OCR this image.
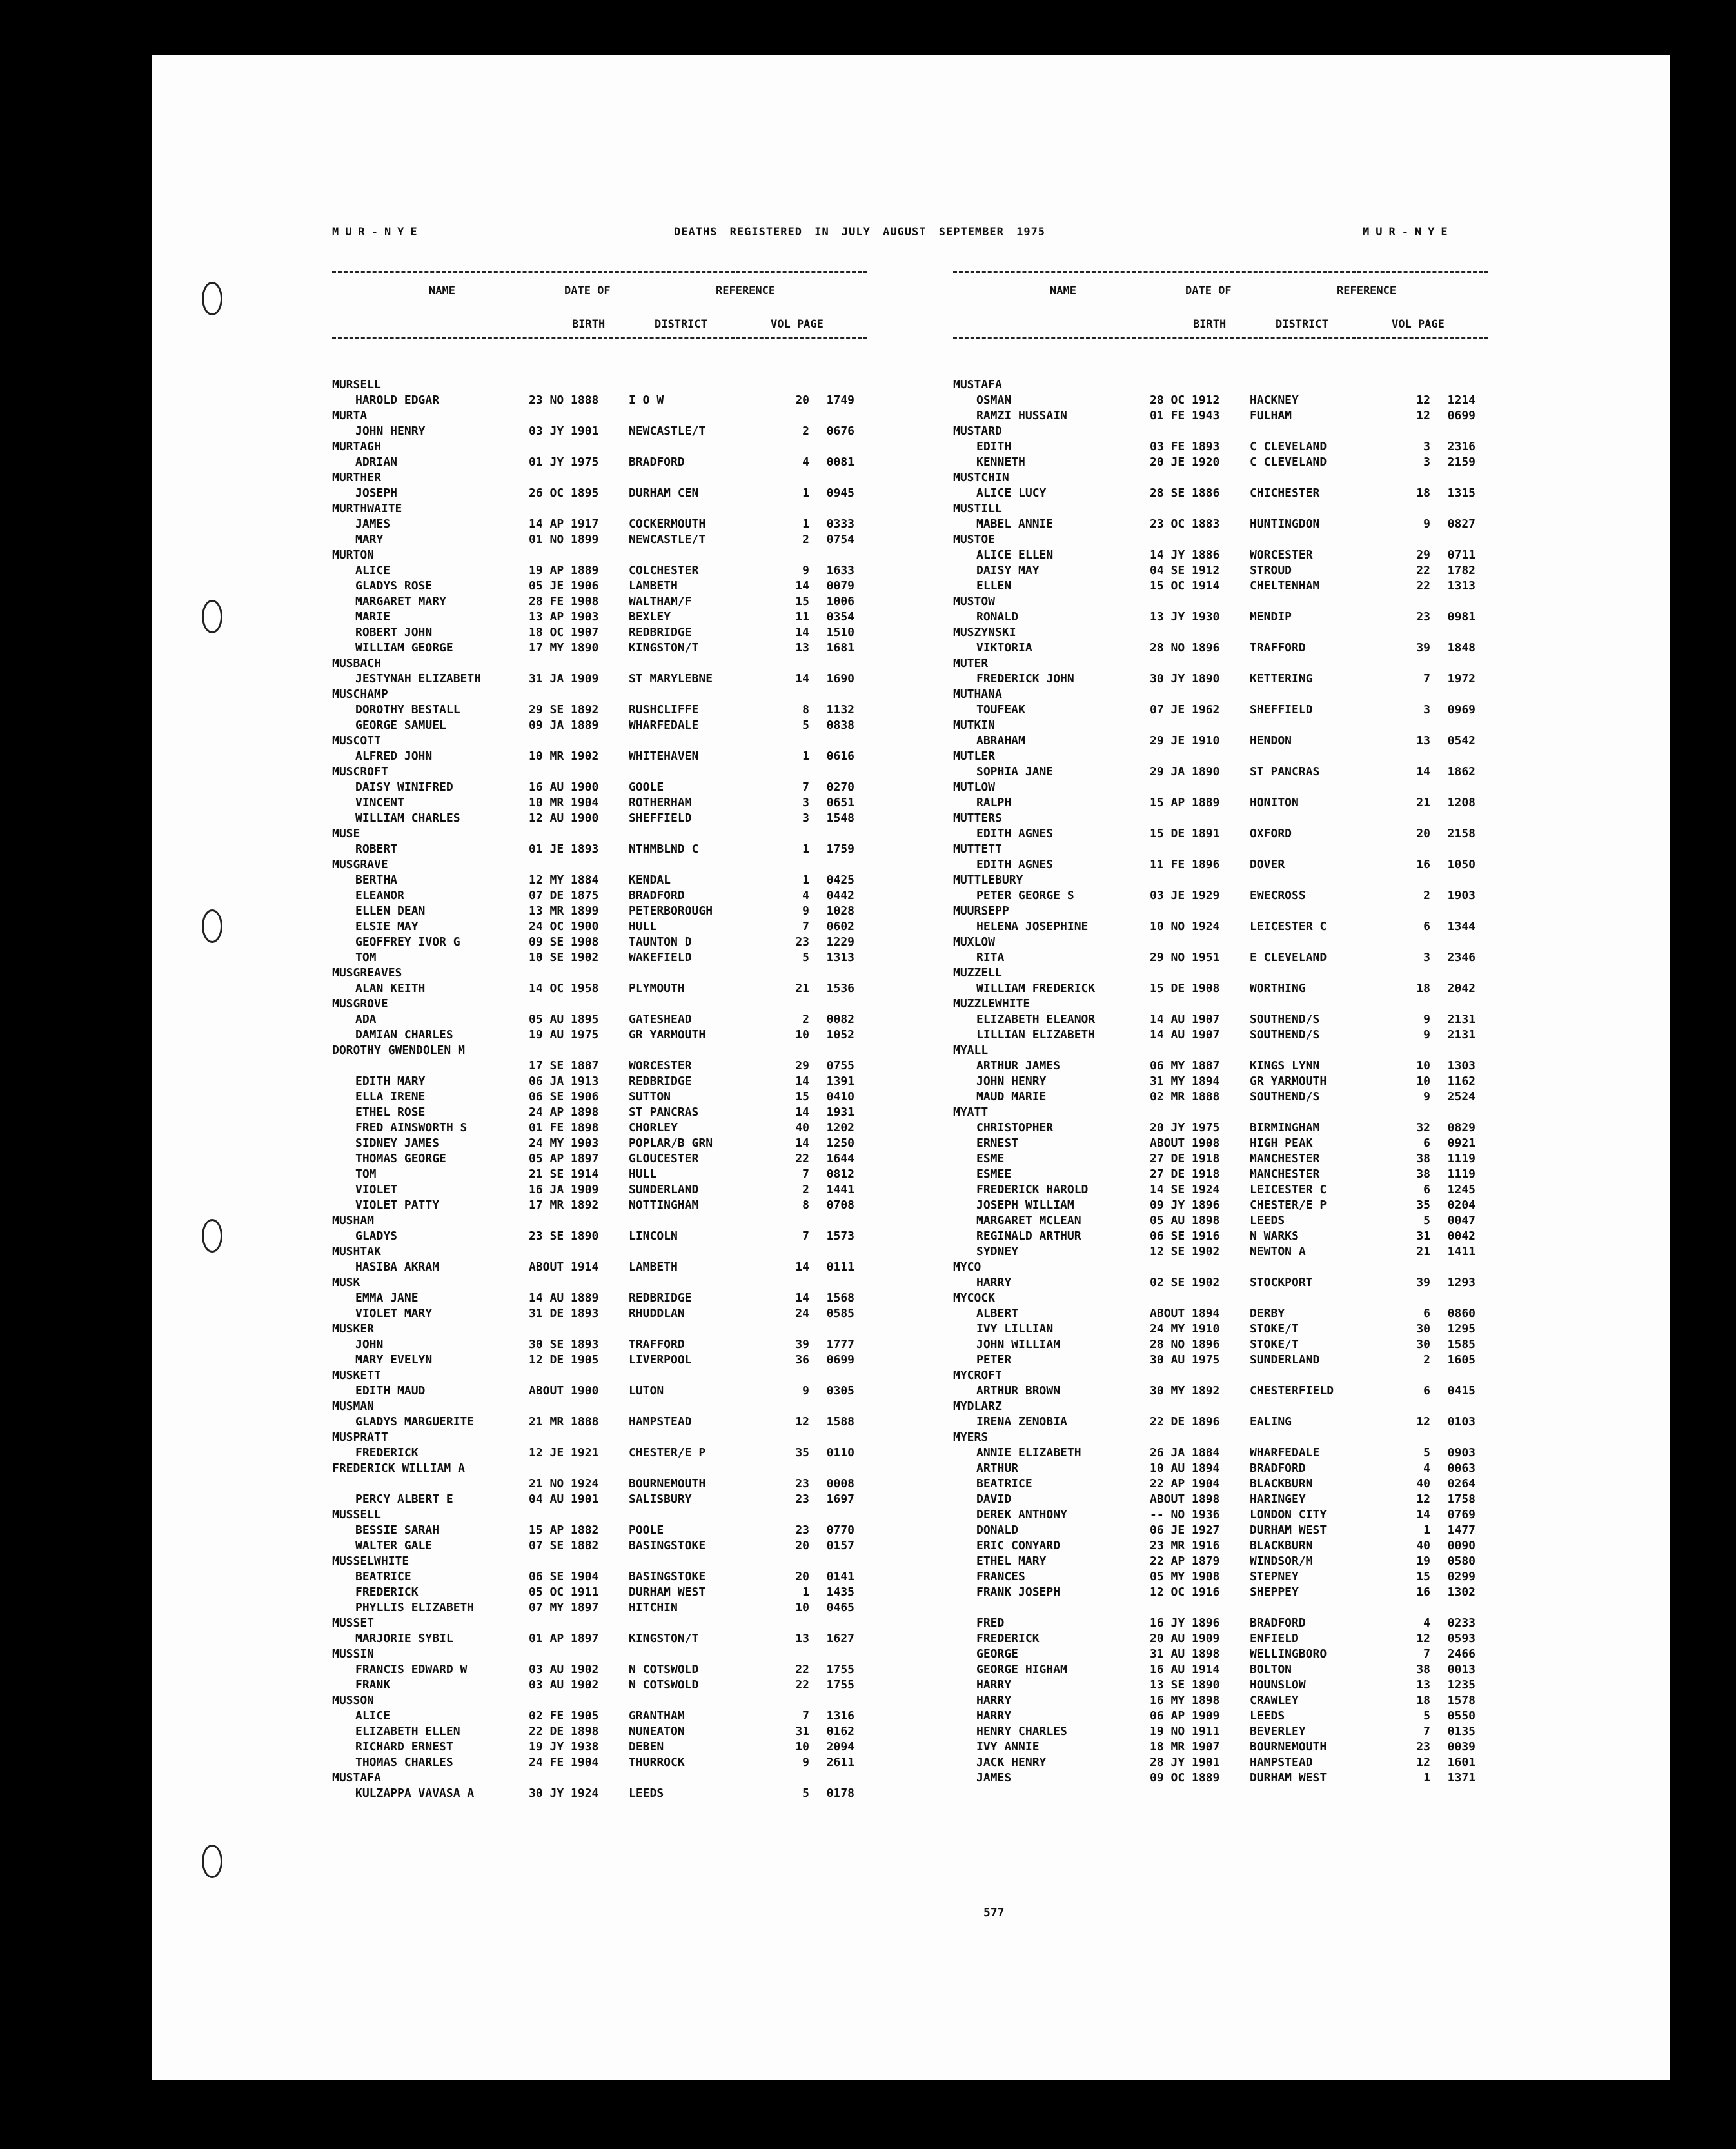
MUR-NYE	DEATHS REGISTERED IN JULY AUGUST SEPTEMBER 1975	MUR-NYE
NAME	DATE OF
BIRTH
REFERENCE
DISTRICT	VOL PAGE
MURSELL
HAROLD EDGAR	23 NO 1888	I O W	20	1749
MURTA
JOHN HENRY	03 JY 1901	NEWCASTLE/T	2	0676
MURTAGH
ADRIAN	01 JY 1975	BRADFORD	4	0081
MURTHER
JOSEPH	26 OC 1895	DURHAM CEN	1	0945
MURTHWAITE
JAMES	14 AP 1917	COCKERMOUTH	1	0333
MARY	01 NO 1899	NEWCASTLE/T	2	0754
MURTON
ALICE	19 AP 1889	COLCHESTER	9	1633
GLADYS ROSE	05 JE 1906	LAMBETH	14	0079
MARGARET MARY	28 FE 1908	WALTHAM/F	15	1006
MARIE	13 AP 1903	BEXLEY	11	0354
ROBERT JOHN	18 OC 1907	REDBRIDGE	14	1510
WILLIAM GEORGE	17 MY 1890	KINGSTON/T	13	1681
MUSBACH
JESTYNAH ELIZABETH	31 JA 1909	ST MARYLEBNE	14	1690
MUSCHAMP
DOROTHY BESTALL	29 SE 1892	RUSHCLIFFE	8	1132
GEORGE SAMUEL	09 JA 1889	WHARFEDALE	5	0838
MUSCOTT
ALFRED JOHN	10 MR 1902	WHITEHAVEN	1	0616
MUSCROFT
DAISY WINIFRED	16 AU 1900	GOOLE	7	0270
VINCENT	10 MR 1904	ROTHERHAM	3	0651
WILLIAM CHARLES	12 AU 1900	SHEFFIELD	3	1548
MUSE
ROBERT	01 JE 1893	NTHMBLND C	1	1759
MUSGRAVE
BERTHA	12 MY 1884	KENDAL	1	0425
ELEANOR	07 DE 1875	BRADFORD	4	0442
ELLEN DEAN	13 MR 1899	PETERBOROUGH	9	1028
ELSIE MAY	24 OC 1900	HULL	7	0602
GEOFFREY IVOR G	09 SE 1908	TAUNTON D	23	1229
TOM	10 SE 1902	WAKEFIELD	5	1313
MUSGREAVES
ALAN KEITH	14 OC 1958	PLYMOUTH	21	1536
MUSGROVE
ADA	05 AU 1895	GATESHEAD	2	0082
DAMIAN CHARLES	19 AU 1975	GR YARMOUTH	10	1052
DOROTHY GWENDOLEN M
17 SE 1887	WORCESTER	29	0755
EDITH MARY	06 JA 1913	REDBRIDGE	14	1391
ELLA IRENE	06 SE 1906	SUTTON	15	0410
ETHEL ROSE	24 AP 1898	ST PANCRAS	14	1931
FRED AINSWORTH S	01 FE 1898	CHORLEY	40	1202
SIDNEY JAMES	24 MY 1903	POPLAR/B GRN	14	1250
THOMAS GEORGE	05 AP 1897	GLOUCESTER	22	1644
TOM	21 SE 1914	HULL	7	0812
VIOLET	16 JA 1909	SUNDERLAND	2	1441
VIOLET PATTY	17 MR 1892	NOTTINGHAM	8	0708
MUSHAM
GLADYS	23 SE 1890	LINCOLN	7	1573
MUSHTAK
HASIBA AKRAM	ABOUT 1914	LAMBETH	14	0111
MUSK
EMMA JANE	14 AU 1889	REDBRIDGE	14	1568
VIOLET MARY	31 DE 1893	RHUDDLAN	24	0585
MUSKER
JOHN	30 SE 1893	TRAFFORD	39	1777
MARY EVELYN	12 DE 1905	LIVERPOOL	36	0699
MUSKETT
EDITH MAUD	ABOUT 1900	LUTON	9	0305
MUSMAN
GLADYS MARGUERITE	21 MR 1888	HAMPSTEAD	12	1588
MUSPRATT
FREDERICK	12 JE 1921	CHESTER/E P	35	0110
FREDERICK WILLIAM A
21 NO 1924	BOURNEMOUTH	23	0008
PERCY ALBERT E	04 AU 1901	SALISBURY	23	1697
MUSSELL
BESSIE SARAH	15 AP 1882	POOLE	23	0770
WALTER GALE	07 SE 1882	BASINGSTOKE	20	0157
MUSSELWHITE
BEATRICE	06 SE 1904	BASINGSTOKE	20	0141
FREDERICK	05 OC 1911	DURHAM WEST	1	1435
PHYLLIS ELIZABETH	07 MY 1897	HITCHIN	10	0465
MUSSET
MARJORIE SYBIL	01 AP 1897	KINGSTON/T	13	1627
MUSSIN
FRANCIS EDWARD W	03 AU 1902	N COTSWOLD	22	1755
FRANK	03 AU 1902	N COTSWOLD	22	1755
MUSSON
ALICE	02 FE 1905	GRANTHAM	7	1316
ELIZABETH ELLEN	22 DE 1898	NUNEATON	31	0162
RICHARD ERNEST	19 JY 1938	DEBEN	10	2094
THOMAS CHARLES	24 FE 1904	THURROCK	9	2611
MUSTAFA
KULZAPPA VAVASA A	30 JY 1924	LEEDS	5	0178
NAME	DATE OF
BIRTH
REFERENCE
DISTRICT	VOL PAGE
MUSTAFA
OSMAN	28 OC 1912	HACKNEY	12	1214
RAMZI HUSSAIN	01 FE 1943	FULHAM	12	0699
MUSTARD
EDITH	03 FE 1893	C CLEVELAND	3	2316
KENNETH	20 JE 1920	C CLEVELAND	3	2159
MUSTCHIN
ALICE LUCY	28 SE 1886	CHICHESTER	18	1315
MUSTILL
MABEL ANNIE	23 OC 1883	HUNTINGDON	9	0827
MUSTOE
ALICE ELLEN	14 JY 1886	WORCESTER	29	0711
DAISY MAY	04 SE 1912	STROUD	22	1782
ELLEN	15 OC 1914	CHELTENHAM	22	1313
MUSTOW
RONALD	13 JY 1930	MENDIP	23	0981
MUSZYNSKI
VIKTORIA	28 NO 1896	TRAFFORD	39	1848
MUTER
FREDERICK JOHN	30 JY 1890	KETTERING	7	1972
MUTHANA
TOUFEAK	07 JE 1962	SHEFFIELD	3	0969
MUTKIN
ABRAHAM	29 JE 1910	HENDON	13	0542
MUTLER
SOPHIA JANE	29 JA 1890	ST PANCRAS	14	1862
MUTLOW
RALPH	15 AP 1889	HONITON	21	1208
MUTTERS
EDITH AGNES	15 DE 1891	OXFORD	20	2158
MUTTETT
EDITH AGNES	11 FE 1896	DOVER	16	1050
MUTTLEBURY
PETER GEORGE S	03 JE 1929	EWECROSS	2	1903
MUURSEPP
HELENA JOSEPHINE	10 NO 1924	LEICESTER C	6	1344
MUXLOW
RITA	29 NO 1951	E CLEVELAND	3	2346
MUZZELL
WILLIAM FREDERICK	15 DE 1908	WORTHING	18	2042
MUZZLEWHITE
ELIZABETH ELEANOR	14 AU 1907	SOUTHEND/S	9	2131
LILLIAN ELIZABETH	14 AU 1907	SOUTHEND/S	9	2131
MYALL
ARTHUR JAMES	06 MY 1887	KINGS LYNN	10	1303
JOHN HENRY	31 MY 1894	GR YARMOUTH	10	1162
MAUD MARIE	02 MR 1888	SOUTHEND/S	9	2524
MYATT
CHRISTOPHER	20 JY 1975	BIRMINGHAM	32	0829
ERNEST	ABOUT 1908	HIGH PEAK	6	0921
ESME	27 DE 1918	MANCHESTER	38	1119
ESMEE	27 DE 1918	MANCHESTER	38	1119
FREDERICK HAROLD	14 SE 1924	LEICESTER C	6	1245
JOSEPH WILLIAM	09 JY 1896	CHESTER/E P	35	0204
MARGARET MCLEAN	05 AU 1898	LEEDS	5	0047
REGINALD ARTHUR	06 SE 1916	N WARKS	31	0042
SYDNEY	12 SE 1902	NEWTON A	21	1411
MYCO
HARRY	02 SE 1902	STOCKPORT	39	1293
MYCOCK
ALBERT	ABOUT 1894	DERBY	6	0860
IVY LILLIAN	24 MY 1910	STOKE/T	30	1295
JOHN WILLIAM	28 NO 1896	STOKE/T	30	1585
PETER	30 AU 1975	SUNDERLAND	2	1605
MYCROFT
ARTHUR BROWN	30 MY 1892	CHESTERFIELD	6	0415
MYDLARZ
IRENA ZENOBIA	22 DE 1896	EALING	12	0103
MYERS
ANNIE ELIZABETH	26 JA 1884	WHARFEDALE	5	0903
ARTHUR	10 AU 1894	BRADFORD	4	0063
BEATRICE	22 AP 1904	BLACKBURN	40	0264
DAVID	ABOUT 1898	HARINGEY	12	1758
DEREK ANTHONY	-- NO 1936	LONDON CITY	14	0769
DONALD	06 JE 1927	DURHAM WEST	1	1477
ERIC CONYARD	23 MR 1916	BLACKBURN	40	0090
ETHEL MARY	22 AP 1879	WINDSOR/M	19	0580
FRANCES	05 MY 1908	STEPNEY	15	0299
FRANK JOSEPH	12 OC 1916	SHEPPEY	16	1302
FRED	16 JY 1896	BRADFORD	4	0233
FREDERICK	20 AU 1909	ENFIELD	12	0593
GEORGE	31 AU 1898	WELLINGBORO	7	2466
GEORGE HIGHAM	16 AU 1914	BOLTON	38	0013
HARRY	13 SE 1890	HOUNSLOW	13	1235
HARRY	16 MY 1898	CRAWLEY	18	1578
HARRY	06 AP 1909	LEEDS	5	0550
HENRY CHARLES	19 NO 1911	BEVERLEY	7	0135
IVY ANNIE	18 MR 1907	BOURNEMOUTH	23	0039
JACK HENRY	28 JY 1901	HAMPSTEAD	12	1601
JAMES	09 OC 1889	DURHAM WEST	1	1371
577
